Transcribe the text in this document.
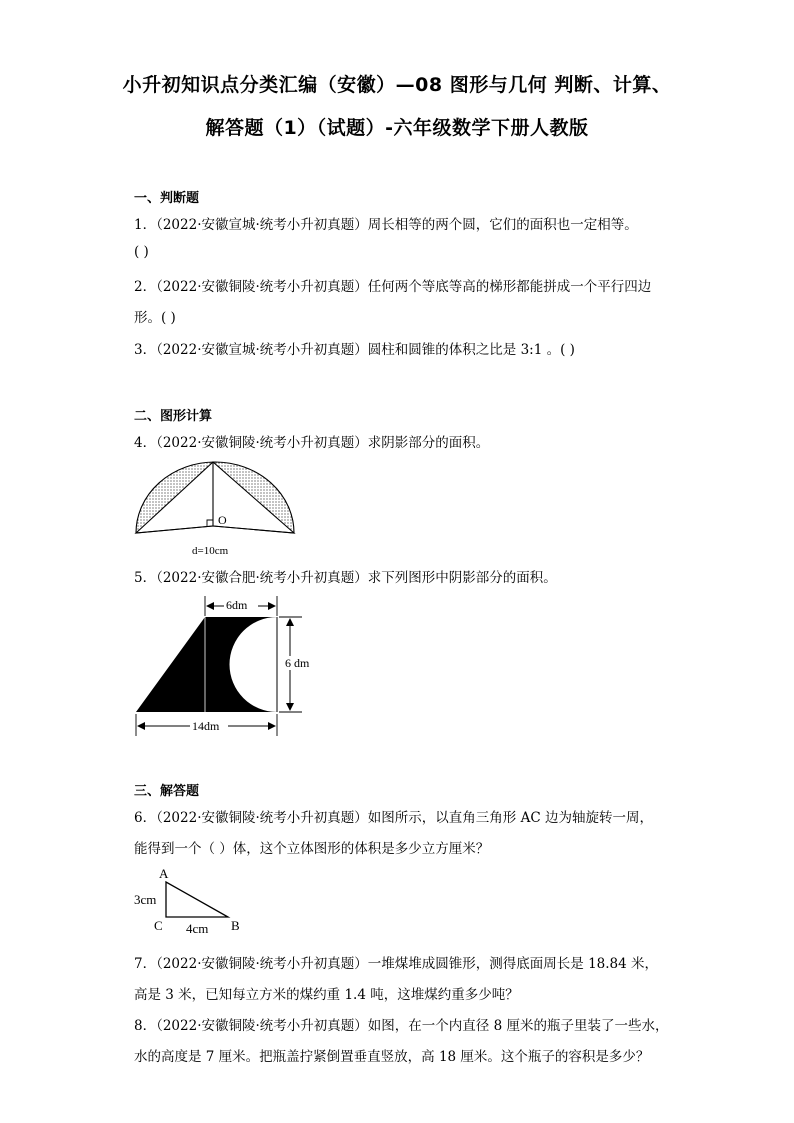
小升初知识点分类汇编（安徽）—08 图形与几何 判断、计算、
解答题（1）（试题）-六年级数学下册人教版
一、判断题
1．（2022·安徽宣城·统考小升初真题）周长相等的两个圆，它们的面积也一定相等。
( )
2．（2022·安徽铜陵·统考小升初真题）任何两个等底等高的梯形都能拼成一个平行四边
形。( )
3．（2022·安徽宣城·统考小升初真题）圆柱和圆锥的体积之比是 3:1 。( )
二、图形计算
4．（2022·安徽铜陵·统考小升初真题）求阴影部分的面积。
O
d=10cm
5．（2022·安徽合肥·统考小升初真题）求下列图形中阴影部分的面积。
6dm
6 dm
14dm
三、解答题
6．（2022·安徽铜陵·统考小升初真题）如图所示，以直角三角形 AC 边为轴旋转一周，
能得到一个（ ）体，这个立体图形的体积是多少立方厘米？
A
3cm
C 4cm B
7．（2022·安徽铜陵·统考小升初真题）一堆煤堆成圆锥形，测得底面周长是 18.84 米，
高是 3 米，已知每立方米的煤约重 1.4 吨，这堆煤约重多少吨？
8．（2022·安徽铜陵·统考小升初真题）如图，在一个内直径 8 厘米的瓶子里装了一些水，
水的高度是 7 厘米。把瓶盖拧紧倒置垂直竖放，高 18 厘米。这个瓶子的容积是多少？
